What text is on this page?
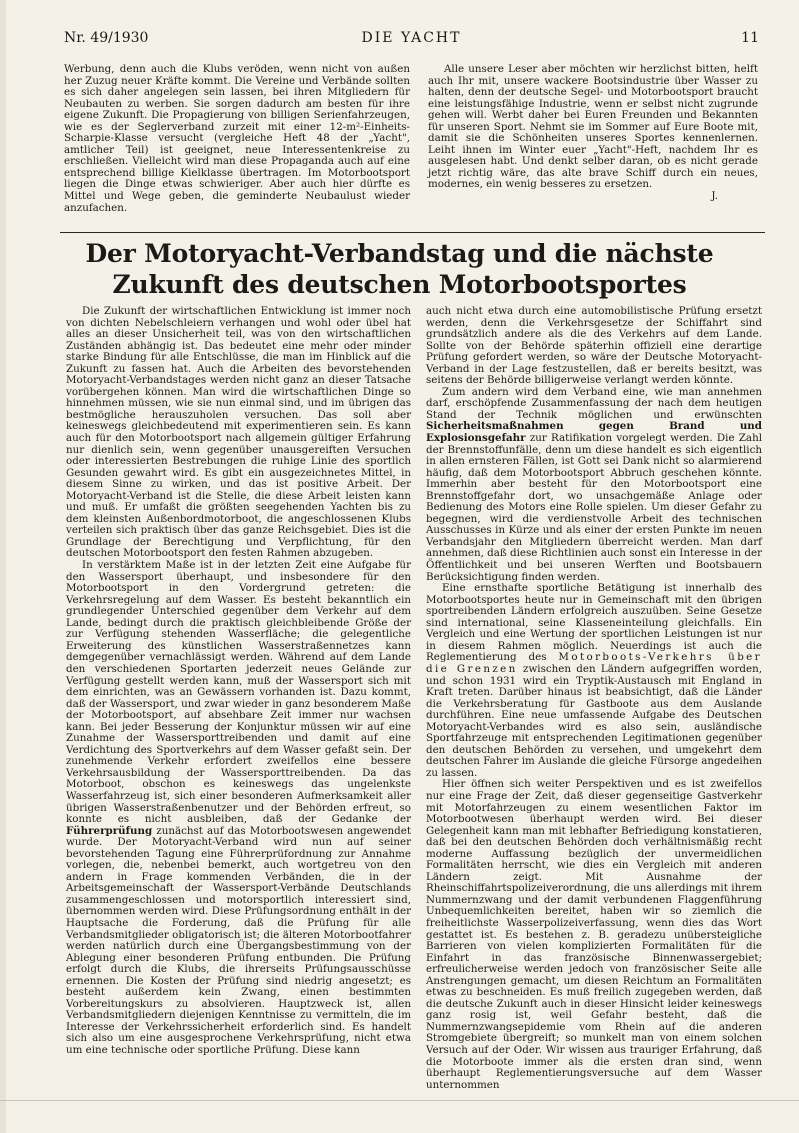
Nr. 49/1930	DIE YACHT	11

Werbung, denn auch die Klubs veröden, wenn nicht von außen her Zuzug neuer Kräfte kommt. Die Vereine und Verbände sollten es sich daher angelegen sein lassen, bei ihren Mitgliedern für Neubauten zu werben. Sie sorgen dadurch am besten für ihre eigene Zukunft. Die Propagierung von billigen Serienfahrzeugen, wie es der Seglerverband zurzeit mit einer 12-m²-Einheits-Scharpie-Klasse versucht (vergleiche Heft 48 der „Yacht", amtlicher Teil) ist geeignet, neue Interessentenkreise zu erschließen. Vielleicht wird man diese Propaganda auch auf eine entsprechend billige Kielklasse übertragen. Im Motorbootsport liegen die Dinge etwas schwieriger. Aber auch hier dürfte es Mittel und Wege geben, die geminderte Neubaulust wieder anzufachen.

Alle unsere Leser aber möchten wir herzlichst bitten, helft auch Ihr mit, unsere wackere Bootsindustrie über Wasser zu halten, denn der deutsche Segel- und Motorbootsport braucht eine leistungsfähige Industrie, wenn er selbst nicht zugrunde gehen will. Werbt daher bei Euren Freunden und Bekannten für unseren Sport. Nehmt sie im Sommer auf Eure Boote mit, damit sie die Schönheiten unseres Sportes kennenlernen. Leiht ihnen im Winter euer „Yacht"-Heft, nachdem Ihr es ausgelesen habt. Und denkt selber daran, ob es nicht gerade jetzt richtig wäre, das alte brave Schiff durch ein neues, modernes, ein wenig besseres zu ersetzen.

J.
Der Motoryacht-Verbandstag und die nächste Zukunft des deutschen Motorbootsportes

Die Zukunft der wirtschaftlichen Entwicklung ist immer noch von dichten Nebelschleiern verhangen und wohl oder übel hat alles an dieser Unsicherheit teil, was von den wirtschaftlichen Zuständen abhängig ist. Das bedeutet eine mehr oder minder starke Bindung für alle Entschlüsse, die man im Hinblick auf die Zukunft zu fassen hat. Auch die Arbeiten des bevorstehenden Motoryacht-Verbandstages werden nicht ganz an dieser Tatsache vorübergehen können. Man wird die wirtschaftlichen Dinge so hinnehmen müssen, wie sie nun einmal sind, und im übrigen das bestmögliche herauszuholen versuchen. Das soll aber keineswegs gleichbedeutend mit experimentieren sein. Es kann auch für den Motorbootsport nach allgemein gültiger Erfahrung nur dienlich sein, wenn gegenüber unausgereiften Versuchen oder interessierten Bestrebungen die ruhige Linie des sportlich Gesunden gewahrt wird. Es gibt ein ausgezeichnetes Mittel, in diesem Sinne zu wirken, und das ist positive Arbeit. Der Motoryacht-Verband ist die Stelle, die diese Arbeit leisten kann und muß. Er umfaßt die größten seegehenden Yachten bis zu dem kleinsten Außenbordmotorboot, die angeschlossenen Klubs verteilen sich praktisch über das ganze Reichsgebiet. Dies ist die Grundlage der Berechtigung und Verpflichtung, für den deutschen Motorbootsport den festen Rahmen abzugeben.

In verstärktem Maße ist in der letzten Zeit eine Aufgabe für den Wassersport überhaupt, und insbesondere für den Motorbootsport in den Vordergrund getreten: die Verkehrsregelung auf dem Wasser. Es besteht bekanntlich ein grundlegender Unterschied gegenüber dem Verkehr auf dem Lande, bedingt durch die praktisch gleichbleibende Größe der zur Verfügung stehenden Wasserfläche; die gelegentliche Erweiterung des künstlichen Wasserstraßennetzes kann demgegenüber vernachlässigt werden. Während auf dem Lande den verschiedenen Sportarten jederzeit neues Gelände zur Verfügung gestellt werden kann, muß der Wassersport sich mit dem einrichten, was an Gewässern vorhanden ist. Dazu kommt, daß der Wassersport, und zwar wieder in ganz besonderem Maße der Motorbootsport, auf absehbare Zeit immer nur wachsen kann. Bei jeder Besserung der Konjunktur müssen wir auf eine Zunahme der Wassersporttreibenden und damit auf eine Verdichtung des Sportverkehrs auf dem Wasser gefaßt sein. Der zunehmende Verkehr erfordert zweifellos eine bessere Verkehrsausbildung der Wassersporttreibenden. Da das Motorboot, obschon es keineswegs das ungelenkste Wasserfahrzeug ist, sich einer besonderen Aufmerksamkeit aller übrigen Wasserstraßenbenutzer und der Behörden erfreut, so konnte es nicht ausbleiben, daß der Gedanke der Führerprüfung zunächst auf das Motorbootswesen angewendet wurde. Der Motoryacht-Verband wird nun auf seiner bevorstehenden Tagung eine Führerprüfordnung zur Annahme vorlegen, die, nebenbei bemerkt, auch wortgetreu von den andern in Frage kommenden Verbänden, die in der Arbeitsgemeinschaft der Wassersport-Verbände Deutschlands zusammengeschlossen und motorsportlich interessiert sind, übernommen werden wird. Diese Prüfungsordnung enthält in der Hauptsache die Forderung, daß die Prüfung für alle Verbandsmitglieder obligatorisch ist; die älteren Motorbootfahrer werden natürlich durch eine Übergangsbestimmung von der Ablegung einer besonderen Prüfung entbunden. Die Prüfung erfolgt durch die Klubs, die ihrerseits Prüfungsausschüsse ernennen. Die Kosten der Prüfung sind niedrig angesetzt; es besteht außerdem kein Zwang, einen bestimmten Vorbereitungskurs zu absolvieren. Hauptzweck ist, allen Verbandsmitgliedern diejenigen Kenntnisse zu vermitteln, die im Interesse der Verkehrssicherheit erforderlich sind. Es handelt sich also um eine ausgesprochene Verkehrsprüfung, nicht etwa um eine technische oder sportliche Prüfung. Diese kann

auch nicht etwa durch eine automobilistische Prüfung ersetzt werden, denn die Verkehrsgesetze der Schiffahrt sind grundsätzlich andere als die des Verkehrs auf dem Lande. Sollte von der Behörde späterhin offiziell eine derartige Prüfung gefordert werden, so wäre der Deutsche Motoryacht-Verband in der Lage festzustellen, daß er bereits besitzt, was seitens der Behörde billigerweise verlangt werden könnte.

Zum andern wird dem Verband eine, wie man annehmen darf, erschöpfende Zusammenfassung der nach dem heutigen Stand der Technik möglichen und erwünschten Sicherheitsmaßnahmen gegen Brand und Explosionsgefahr zur Ratifikation vorgelegt werden. Die Zahl der Brennstoffunfälle, denn um diese handelt es sich eigentlich in allen ernsteren Fällen, ist Gott sei Dank nicht so alarmierend häufig, daß dem Motorbootsport Abbruch geschehen könnte. Immerhin aber besteht für den Motorbootsport eine Brennstoffgefahr dort, wo unsachgemäße Anlage oder Bedienung des Motors eine Rolle spielen. Um dieser Gefahr zu begegnen, wird die verdienstvolle Arbeit des technischen Ausschusses in Kürze und als einer der ersten Punkte im neuen Verbandsjahr den Mitgliedern überreicht werden. Man darf annehmen, daß diese Richtlinien auch sonst ein Interesse in der Öffentlichkeit und bei unseren Werften und Bootsbauern Berücksichtigung finden werden.

Eine ernsthafte sportliche Betätigung ist innerhalb des Motorbootsportes heute nur in Gemeinschaft mit den übrigen sportreibenden Ländern erfolgreich auszuüben. Seine Gesetze sind international, seine Klasseneinteilung gleichfalls. Ein Vergleich und eine Wertung der sportlichen Leistungen ist nur in diesem Rahmen möglich. Neuerdings ist auch die Reglementierung des Motorboots-Verkehrs über die Grenzen zwischen den Ländern aufgegriffen worden, und schon 1931 wird ein Tryptik-Austausch mit England in Kraft treten. Darüber hinaus ist beabsichtigt, daß die Länder die Verkehrsberatung für Gastboote aus dem Auslande durchführen. Eine neue umfassende Aufgabe des Deutschen Motoryacht-Verbandes wird es also sein, ausländische Sportfahrzeuge mit entsprechenden Legitimationen gegenüber den deutschen Behörden zu versehen, und umgekehrt dem deutschen Fahrer im Auslande die gleiche Fürsorge angedeihen zu lassen.

Hier öffnen sich weiter Perspektiven und es ist zweifellos nur eine Frage der Zeit, daß dieser gegenseitige Gastverkehr mit Motorfahrzeugen zu einem wesentlichen Faktor im Motorbootwesen überhaupt werden wird. Bei dieser Gelegenheit kann man mit lebhafter Befriedigung konstatieren, daß bei den deutschen Behörden doch verhältnismäßig recht moderne Auffassung bezüglich der unvermeidlichen Formalitäten herrscht, wie dies ein Vergleich mit anderen Ländern zeigt. Mit Ausnahme der Rheinschiffahrtspolizeiverordnung, die uns allerdings mit ihrem Nummernzwang und der damit verbundenen Flaggenführung Unbequemlichkeiten bereitet, haben wir so ziemlich die freiheitlichste Wasserpolizeiverfassung, wenn dies das Wort gestattet ist. Es bestehen z. B. geradezu unübersteigliche Barrieren von vielen komplizierten Formalitäten für die Einfahrt in das französische Binnenwassergebiet; erfreulicherweise werden jedoch von französischer Seite alle Anstrengungen gemacht, um diesen Reichtum an Formalitäten etwas zu beschneiden. Es muß freilich zugegeben werden, daß die deutsche Zukunft auch in dieser Hinsicht leider keineswegs ganz rosig ist, weil Gefahr besteht, daß die Nummernzwangsepidemie vom Rhein auf die anderen Stromgebiete übergreift; so munkelt man von einem solchen Versuch auf der Oder. Wir wissen aus trauriger Erfahrung, daß die Motorboote immer als die ersten dran sind, wenn überhaupt Reglementierungsversuche auf dem Wasser unternommen
